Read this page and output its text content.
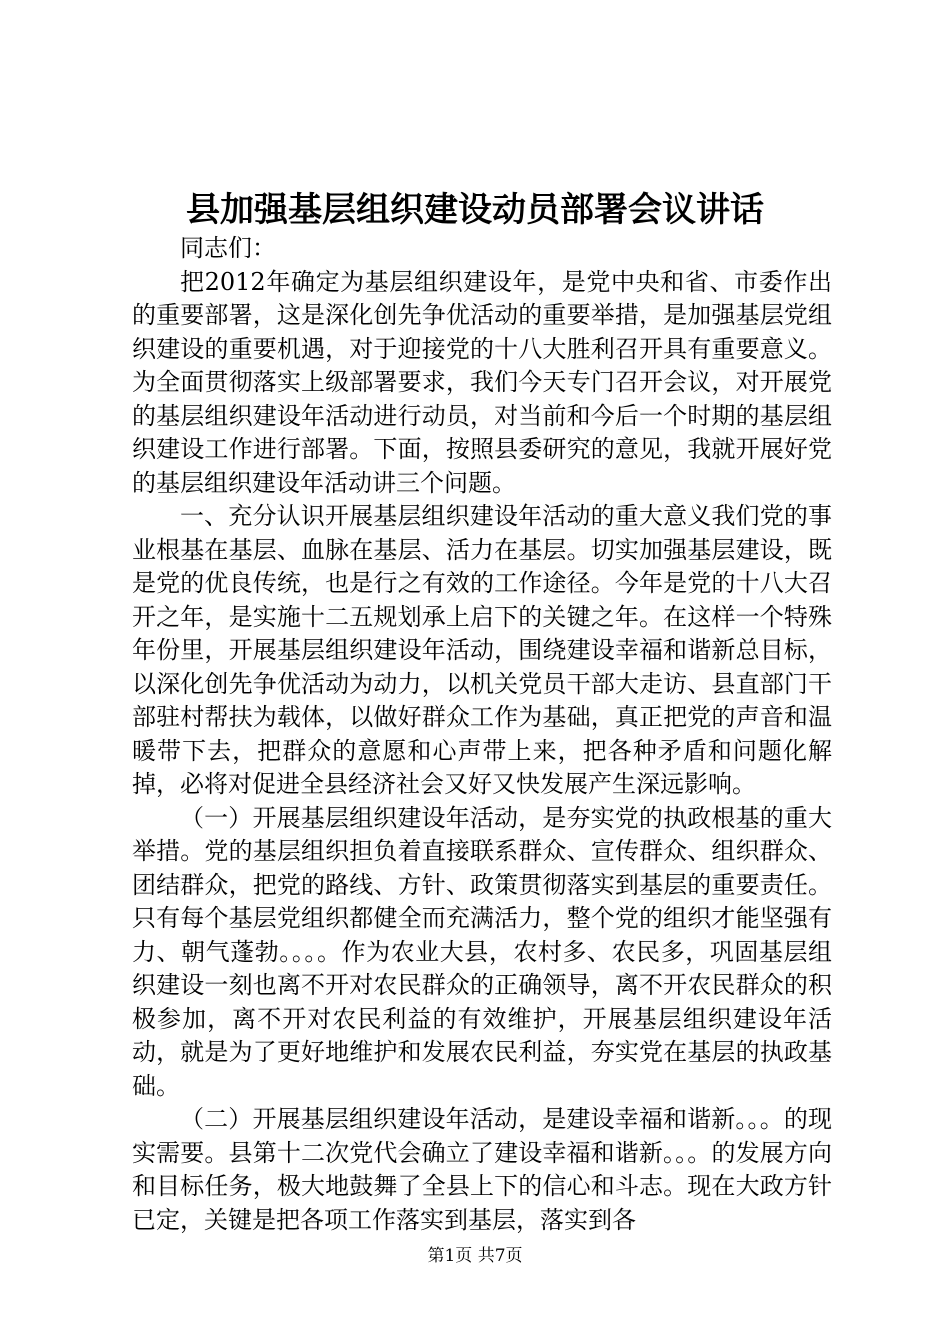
县加强基层组织建设动员部署会议讲话

同志们：

把2012年确定为基层组织建设年，是党中央和省、市委作出的重要部署，这是深化创先争优活动的重要举措，是加强基层党组织建设的重要机遇，对于迎接党的十八大胜利召开具有重要意义。为全面贯彻落实上级部署要求，我们今天专门召开会议，对开展党的基层组织建设年活动进行动员，对当前和今后一个时期的基层组织建设工作进行部署。下面，按照县委研究的意见，我就开展好党的基层组织建设年活动讲三个问题。

一、充分认识开展基层组织建设年活动的重大意义我们党的事业根基在基层、血脉在基层、活力在基层。切实加强基层建设，既是党的优良传统，也是行之有效的工作途径。今年是党的十八大召开之年，是实施十二五规划承上启下的关键之年。在这样一个特殊年份里，开展基层组织建设年活动，围绕建设幸福和谐新总目标，以深化创先争优活动为动力，以机关党员干部大走访、县直部门干部驻村帮扶为载体，以做好群众工作为基础，真正把党的声音和温暖带下去，把群众的意愿和心声带上来，把各种矛盾和问题化解掉，必将对促进全县经济社会又好又快发展产生深远影响。

（一）开展基层组织建设年活动，是夯实党的执政根基的重大举措。党的基层组织担负着直接联系群众、宣传群众、组织群众、团结群众，把党的路线、方针、政策贯彻落实到基层的重要责任。只有每个基层党组织都健全而充满活力，整个党的组织才能坚强有力、朝气蓬勃。。。。作为农业大县，农村多、农民多，巩固基层组织建设一刻也离不开对农民群众的正确领导，离不开农民群众的积极参加，离不开对农民利益的有效维护，开展基层组织建设年活动，就是为了更好地维护和发展农民利益，夯实党在基层的执政基础。

（二）开展基层组织建设年活动，是建设幸福和谐新。。。的现实需要。县第十二次党代会确立了建设幸福和谐新。。。的发展方向和目标任务，极大地鼓舞了全县上下的信心和斗志。现在大政方针已定，关键是把各项工作落实到基层，落实到各

第1页 共7页
